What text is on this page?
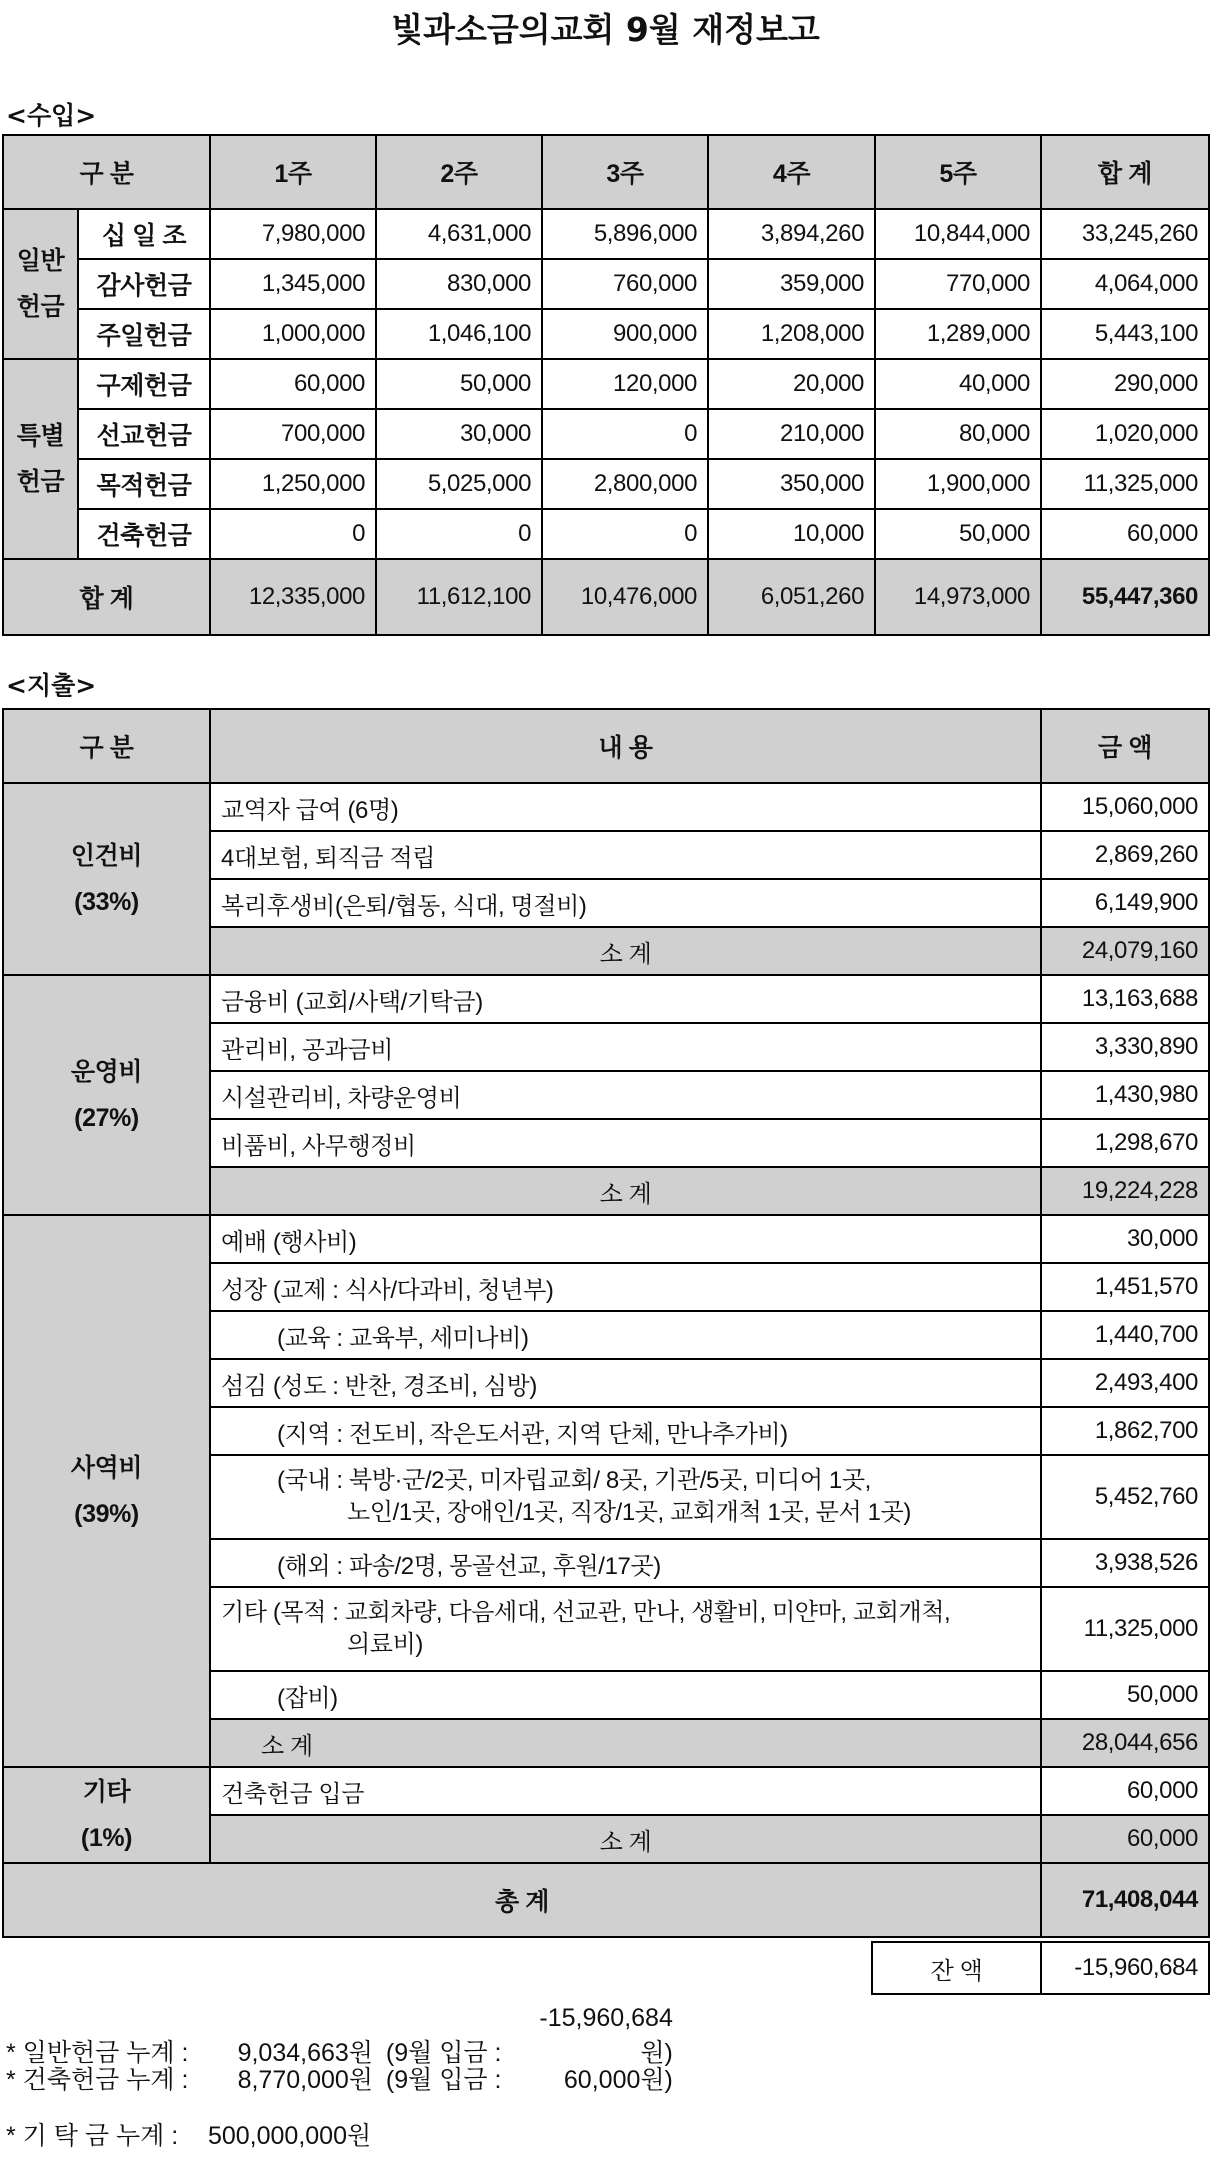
빛과소금의교회 9월 재정보고
<수입>
구 분		1주	2주	3주	4주	5주	합 계
일반
헌금	십 일 조	7,980,000	4,631,000	5,896,000	3,894,260	10,844,000	33,245,260
	감사헌금	1,345,000	830,000	760,000	359,000	770,000	4,064,000
	주일헌금	1,000,000	1,046,100	900,000	1,208,000	1,289,000	5,443,100
특별
헌금	구제헌금	60,000	50,000	120,000	20,000	40,000	290,000
	선교헌금	700,000	30,000	0	210,000	80,000	1,020,000
	목적헌금	1,250,000	5,025,000	2,800,000	350,000	1,900,000	11,325,000
	건축헌금	0	0	0	10,000	50,000	60,000
합 계		12,335,000	11,612,100	10,476,000	6,051,260	14,973,000	55,447,360
<지출>
구 분	내 용	금 액

인건비
(33%)	교역자 급여 (6명)	15,060,000
	4대보험, 퇴직금 적립	2,869,260
	복리후생비(은퇴/협동, 식대, 명절비)	6,149,900
	소 계	24,079,160

운영비
(27%)	금융비 (교회/사택/기탁금)	13,163,688
	관리비, 공과금비	3,330,890
	시설관리비, 차량운영비	1,430,980
	비품비, 사무행정비	1,298,670
	소 계	19,224,228

사역비
(39%)	예배 (행사비)	30,000
	성장 (교제 : 식사/다과비, 청년부)	1,451,570
	(교육 : 교육부, 세미나비)	1,440,700
	섬김 (성도 : 반찬, 경조비, 심방)	2,493,400
	(지역 : 전도비, 작은도서관, 지역 단체, 만나추가비)	1,862,700
	(국내 : 북방·군/2곳, 미자립교회/ 8곳, 기관/5곳, 미디어 1곳,
노인/1곳, 장애인/1곳, 직장/1곳, 교회개척 1곳, 문서 1곳)	5,452,760
	(해외 : 파송/2명, 몽골선교, 후원/17곳)	3,938,526
	기타 (목적 : 교회차량, 다음세대, 선교관, 만나, 생활비, 미얀마, 교회개척,
의료비)	11,325,000
	(잡비)	50,000
	소 계	28,044,656

기타
(1%)	건축헌금 입금	60,000
	소 계	60,000
총 계		71,408,044
잔 액	-15,960,684
* 일반헌금 누계 : 9,034,663원 (9월 입금 : -15,960,684원)
* 건축헌금 누계 : 8,770,000원 (9월 입금 : 60,000원)
* 기 탁 금 누계 : 500,000,000원
